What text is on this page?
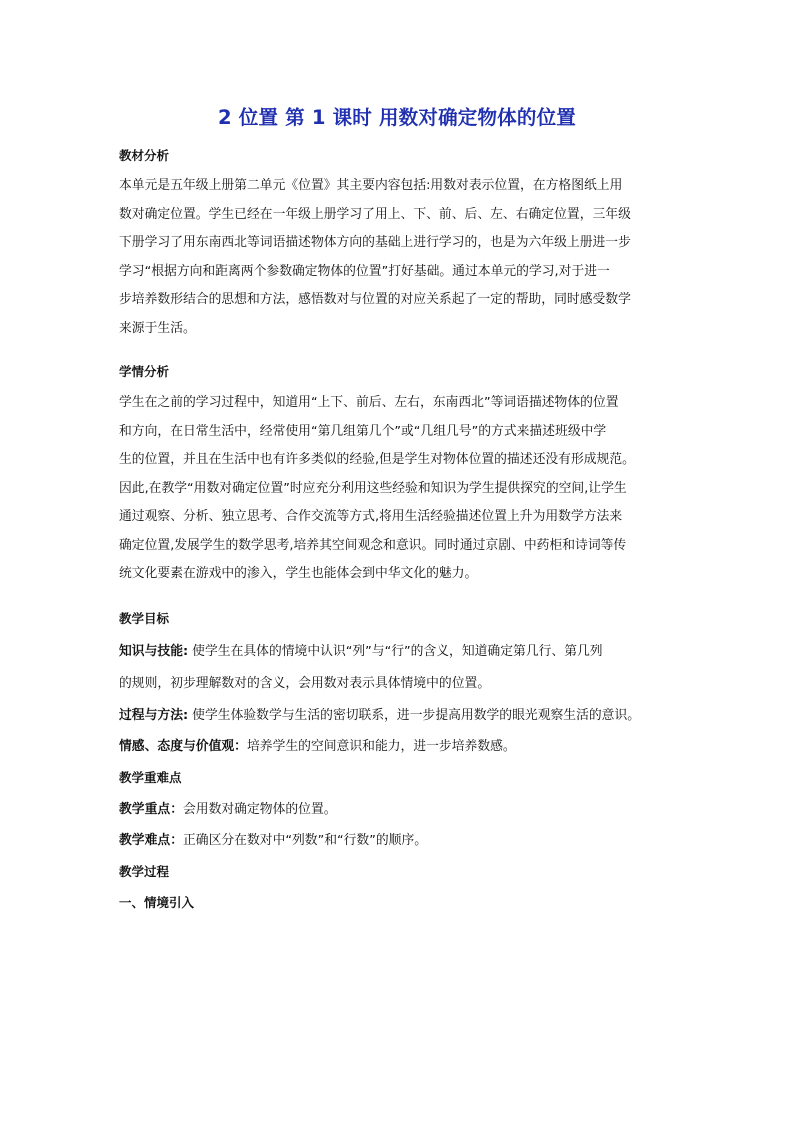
2 位置 第 1 课时 用数对确定物体的位置
教材分析
本单元是五年级上册第二单元《位置》其主要内容包括:用数对表示位置，在方格图纸上用
数对确定位置。学生已经在一年级上册学习了用上、下、前、后、左、右确定位置，三年级
下册学习了用东南西北等词语描述物体方向的基础上进行学习的，也是为六年级上册进一步
学习“根据方向和距离两个参数确定物体的位置”打好基础。通过本单元的学习,对于进一
步培养数形结合的思想和方法，感悟数对与位置的对应关系起了一定的帮助，同时感受数学
来源于生活。
学情分析
学生在之前的学习过程中，知道用“上下、前后、左右，东南西北”等词语描述物体的位置
和方向，在日常生活中，经常使用“第几组第几个”或“几组几号”的方式来描述班级中学
生的位置，并且在生活中也有许多类似的经验,但是学生对物体位置的描述还没有形成规范。
因此,在教学“用数对确定位置”时应充分利用这些经验和知识为学生提供探究的空间,让学生
通过观察、分析、独立思考、合作交流等方式,将用生活经验描述位置上升为用数学方法来
确定位置,发展学生的数学思考,培养其空间观念和意识。同时通过京剧、中药柜和诗词等传
统文化要素在游戏中的渗入，学生也能体会到中华文化的魅力。
教学目标
知识与技能: 使学生在具体的情境中认识“列”与“行”的含义，知道确定第几行、第几列
的规则，初步理解数对的含义，会用数对表示具体情境中的位置。
过程与方法: 使学生体验数学与生活的密切联系，进一步提高用数学的眼光观察生活的意识。
情感、态度与价值观：培养学生的空间意识和能力，进一步培养数感。
教学重难点
教学重点：会用数对确定物体的位置。
教学难点：正确区分在数对中“列数”和“行数”的顺序。
教学过程
一、情境引入
